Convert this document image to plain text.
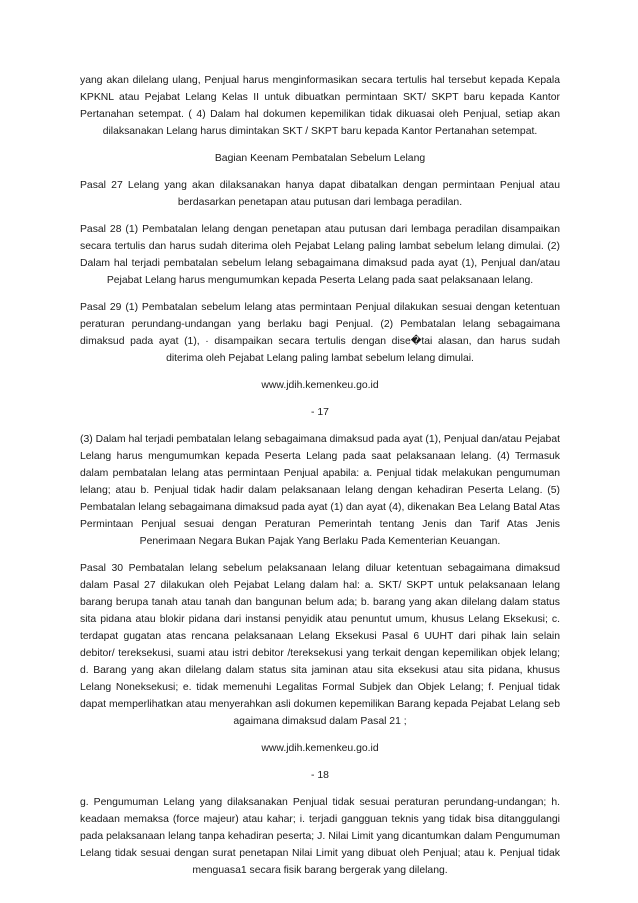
yang akan dilelang ulang, Penjual harus menginformasikan secara tertulis hal tersebut kepada Kepala KPKNL atau Pejabat Lelang Kelas II untuk dibuatkan permintaan SKT/ SKPT baru kepada Kantor Pertanahan setempat. ( 4) Dalam hal dokumen kepemilikan tidak dikuasai oleh Penjual, setiap akan dilaksanakan Lelang harus dimintakan SKT / SKPT baru kepada Kantor Pertanahan setempat.

Bagian Keenam Pembatalan Sebelum Lelang

Pasal 27 Lelang yang akan dilaksanakan hanya dapat dibatalkan dengan permintaan Penjual atau berdasarkan penetapan atau putusan dari lembaga peradilan.

Pasal 28 (1) Pembatalan lelang dengan penetapan atau putusan dari lembaga peradilan disampaikan secara tertulis dan harus sudah diterima oleh Pejabat Lelang paling lambat sebelum lelang dimulai. (2) Dalam hal terjadi pembatalan sebelum lelang sebagaimana dimaksud pada ayat (1), Penjual dan/atau Pejabat Lelang harus mengumumkan kepada Peserta Lelang pada saat pelaksanaan lelang.

Pasal 29 (1) Pembatalan sebelum lelang atas permintaan Penjual dilakukan sesuai dengan ketentuan peraturan perundang-undangan yang berlaku bagi Penjual. (2) Pembatalan lelang sebagaimana dimaksud pada ayat (1), · disampaikan secara tertulis dengan dise�tai alasan, dan harus sudah diterima oleh Pejabat Lelang paling lambat sebelum lelang dimulai.

www.jdih.kemenkeu.go.id

- 17

(3) Dalam hal terjadi pembatalan lelang sebagaimana dimaksud pada ayat (1), Penjual dan/atau Pejabat Lelang harus mengumumkan kepada Peserta Lelang pada saat pelaksanaan lelang. (4) Termasuk dalam pembatalan lelang atas permintaan Penjual apabila: a. Penjual tidak melakukan pengumuman lelang; atau b. Penjual tidak hadir dalam pelaksanaan lelang dengan kehadiran Peserta Lelang. (5) Pembatalan lelang sebagaimana dimaksud pada ayat (1) dan ayat (4), dikenakan Bea Lelang Batal Atas Permintaan Penjual sesuai dengan Peraturan Pemerintah tentang Jenis dan Tarif Atas Jenis Penerimaan Negara Bukan Pajak Yang Berlaku Pada Kementerian Keuangan.

Pasal 30 Pembatalan lelang sebelum pelaksanaan lelang diluar ketentuan sebagaimana dimaksud dalam Pasal 27 dilakukan oleh Pejabat Lelang dalam hal: a. SKT/ SKPT untuk pelaksanaan lelang barang berupa tanah atau tanah dan bangunan belum ada; b. barang yang akan dilelang dalam status sita pidana atau blokir pidana dari instansi penyidik atau penuntut umum, khusus Lelang Eksekusi; c. terdapat gugatan atas rencana pelaksanaan Lelang Eksekusi Pasal 6 UUHT dari pihak lain selain debitor/ tereksekusi, suami atau istri debitor /tereksekusi yang terkait dengan kepemilikan objek lelang; d. Barang yang akan dilelang dalam status sita jaminan atau sita eksekusi atau sita pidana, khusus Lelang Noneksekusi; e. tidak memenuhi Legalitas Formal Subjek dan Objek Lelang; f. Penjual tidak dapat memperlihatkan atau menyerahkan asli dokumen kepemilikan Barang kepada Pejabat Lelang seb agaimana dimaksud dalam Pasal 21 ;

www.jdih.kemenkeu.go.id

- 18

g. Pengumuman Lelang yang dilaksanakan Penjual tidak sesuai peraturan perundang-undangan; h. keadaan memaksa (force majeur) atau kahar; i. terjadi gangguan teknis yang tidak bisa ditanggulangi pada pelaksanaan lelang tanpa kehadiran peserta; J. Nilai Limit yang dicantumkan dalam Pengumuman Lelang tidak sesuai dengan surat penetapan Nilai Limit yang dibuat oleh Penjual; atau k. Penjual tidak menguasa1 secara fisik barang bergerak yang dilelang.
